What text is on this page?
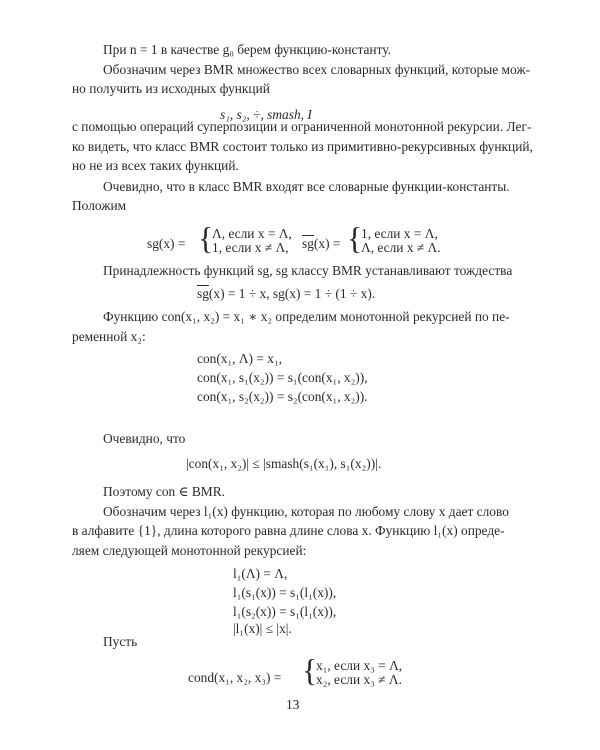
При n = 1 в качестве g₀ берем функцию-константу.
Обозначим через BMR множество всех словарных функций, которые мож-
но получить из исходных функций
s₁, s₂, ÷, smash, I
с помощью операций суперпозиции и ограниченной монотонной рекурсии. Лег-
ко видеть, что класс BMR состоит только из примитивно-рекурсивных функций,
но не из всех таких функций.
Очевидно, что в класс BMR входят все словарные функции-константы.
Положим
sg(x) = {
Λ, если x = Λ,
1, если x ≠ Λ, $\overline{sg}(x)$ = {
1, если x = Λ,
Λ, если x ≠ Λ.
Принадлежность функций sg, sg классу BMR устанавливают тождества
$\overline{sg}(x) = 1 \div x$, sg(x) = 1 ÷ (1 ÷ x).
Функцию con(x₁, x₂) = x₁ ∗ x₂ определим монотонной рекурсией по пе-
ременной x₂:
con(x₁, Λ) = x₁,
con(x₁, s₁(x₂)) = s₁(con(x₁, x₂)),
con(x₁, s₂(x₂)) = s₂(con(x₁, x₂)).
Очевидно, что
|con(x₁, x₂)| ≤ |smash(s₁(x₁), s₁(x₂))|.
Поэтому con ∈ BMR.
Обозначим через l₁(x) функцию, которая по любому слову x дает слово
в алфавите {1}, длина которого равна длине слова x. Функцию l₁(x) опреде-
ляем следующей монотонной рекурсией:
l₁(Λ) = Λ,
l₁(s₁(x)) = s₁(l₁(x)),
l₁(s₂(x)) = s₁(l₁(x)),
|l₁(x)| ≤ |x|.
Пусть
cond(x₁, x₂, x₃) = {
x₁, если x₃ = Λ,
x₂, если x₃ ≠ Λ.
13
